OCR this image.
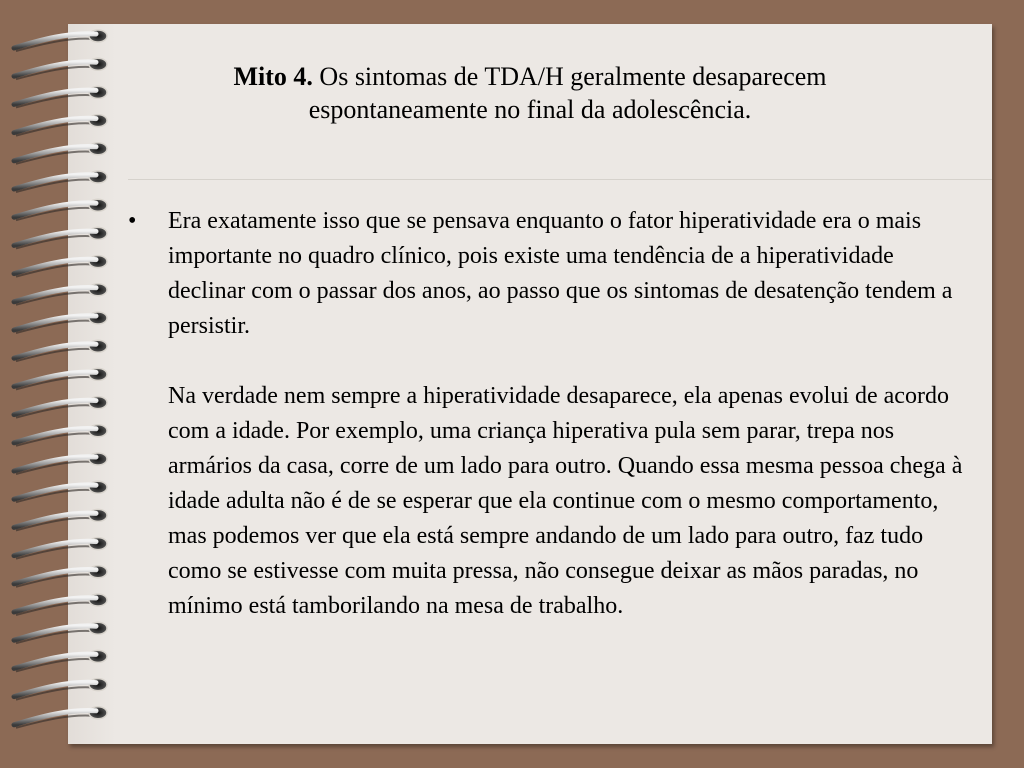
Mito 4. Os sintomas de TDA/H geralmente desaparecem
espontaneamente no final da adolescência.
•	Era exatamente isso que se pensava enquanto o fator hiperatividade era o mais importante no quadro clínico, pois existe uma tendência de a hiperatividade declinar com o passar dos anos, ao passo que os sintomas de desatenção tendem a persistir.

Na verdade nem sempre a hiperatividade desaparece, ela apenas evolui de acordo com a idade. Por exemplo, uma criança hiperativa pula sem parar, trepa nos armários da casa, corre de um lado para outro. Quando essa mesma pessoa chega à idade adulta não é de se esperar que ela continue com o mesmo comportamento, mas podemos ver que ela está sempre andando de um lado para outro, faz tudo como se estivesse com muita pressa, não consegue deixar as mãos paradas, no mínimo está tamborilando na mesa de trabalho.
